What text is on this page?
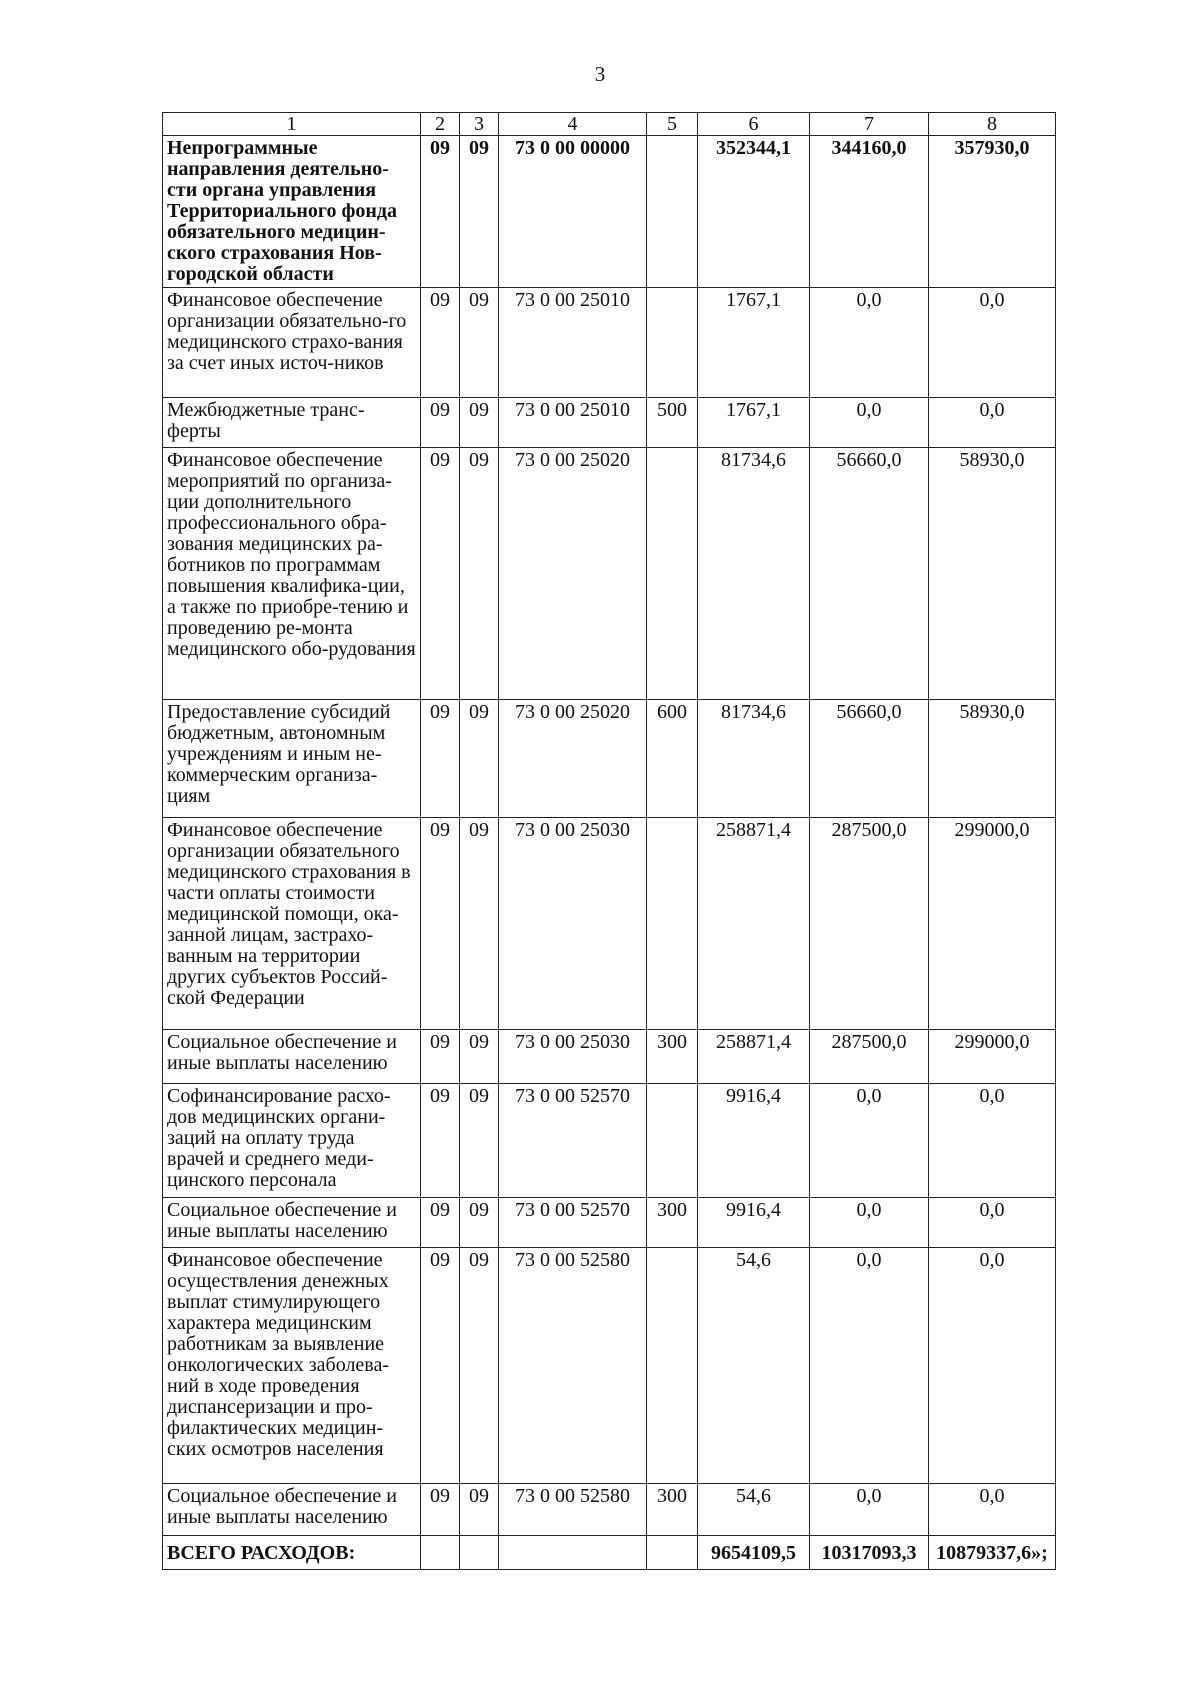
3
1	2	3	4	5	6	7	8
Непрограммные направления деятельно-сти органа управления Территориального фонда обязательного медицин-ского страхования Нов-городской области	09	09	73 0 00 00000		352344,1	344160,0	357930,0
Финансовое обеспечение организации обязательно-го медицинского страхо-вания за счет иных источ-ников	09	09	73 0 00 25010		1767,1	0,0	0,0
Межбюджетные транс-ферты	09	09	73 0 00 25010	500	1767,1	0,0	0,0
Финансовое обеспечение мероприятий по организа-ции дополнительного профессионального обра-зования медицинских ра-ботников по программам повышения квалифика-ции, а также по приобре-тению и проведению ре-монта медицинского обо-рудования	09	09	73 0 00 25020		81734,6	56660,0	58930,0
Предоставление субсидий бюджетным, автономным учреждениям и иным не-коммерческим организа-циям	09	09	73 0 00 25020	600	81734,6	56660,0	58930,0
Финансовое обеспечение организации обязательного медицинского страхования в части оплаты стоимости медицинской помощи, ока-занной лицам, застрахо-ванным на территории других субъектов Россий-ской Федерации	09	09	73 0 00 25030		258871,4	287500,0	299000,0
Социальное обеспечение и иные выплаты населению	09	09	73 0 00 25030	300	258871,4	287500,0	299000,0
Софинансирование расхо-дов медицинских органи-заций на оплату труда врачей и среднего меди-цинского персонала	09	09	73 0 00 52570		9916,4	0,0	0,0
Социальное обеспечение и иные выплаты населению	09	09	73 0 00 52570	300	9916,4	0,0	0,0
Финансовое обеспечение осуществления денежных выплат стимулирующего характера медицинским работникам за выявление онкологических заболева-ний в ходе проведения диспансеризации и про-филактических медицин-ских осмотров населения	09	09	73 0 00 52580		54,6	0,0	0,0
Социальное обеспечение и иные выплаты населению	09	09	73 0 00 52580	300	54,6	0,0	0,0
ВСЕГО РАСХОДОВ:					9654109,5	10317093,3	10879337,6»;
